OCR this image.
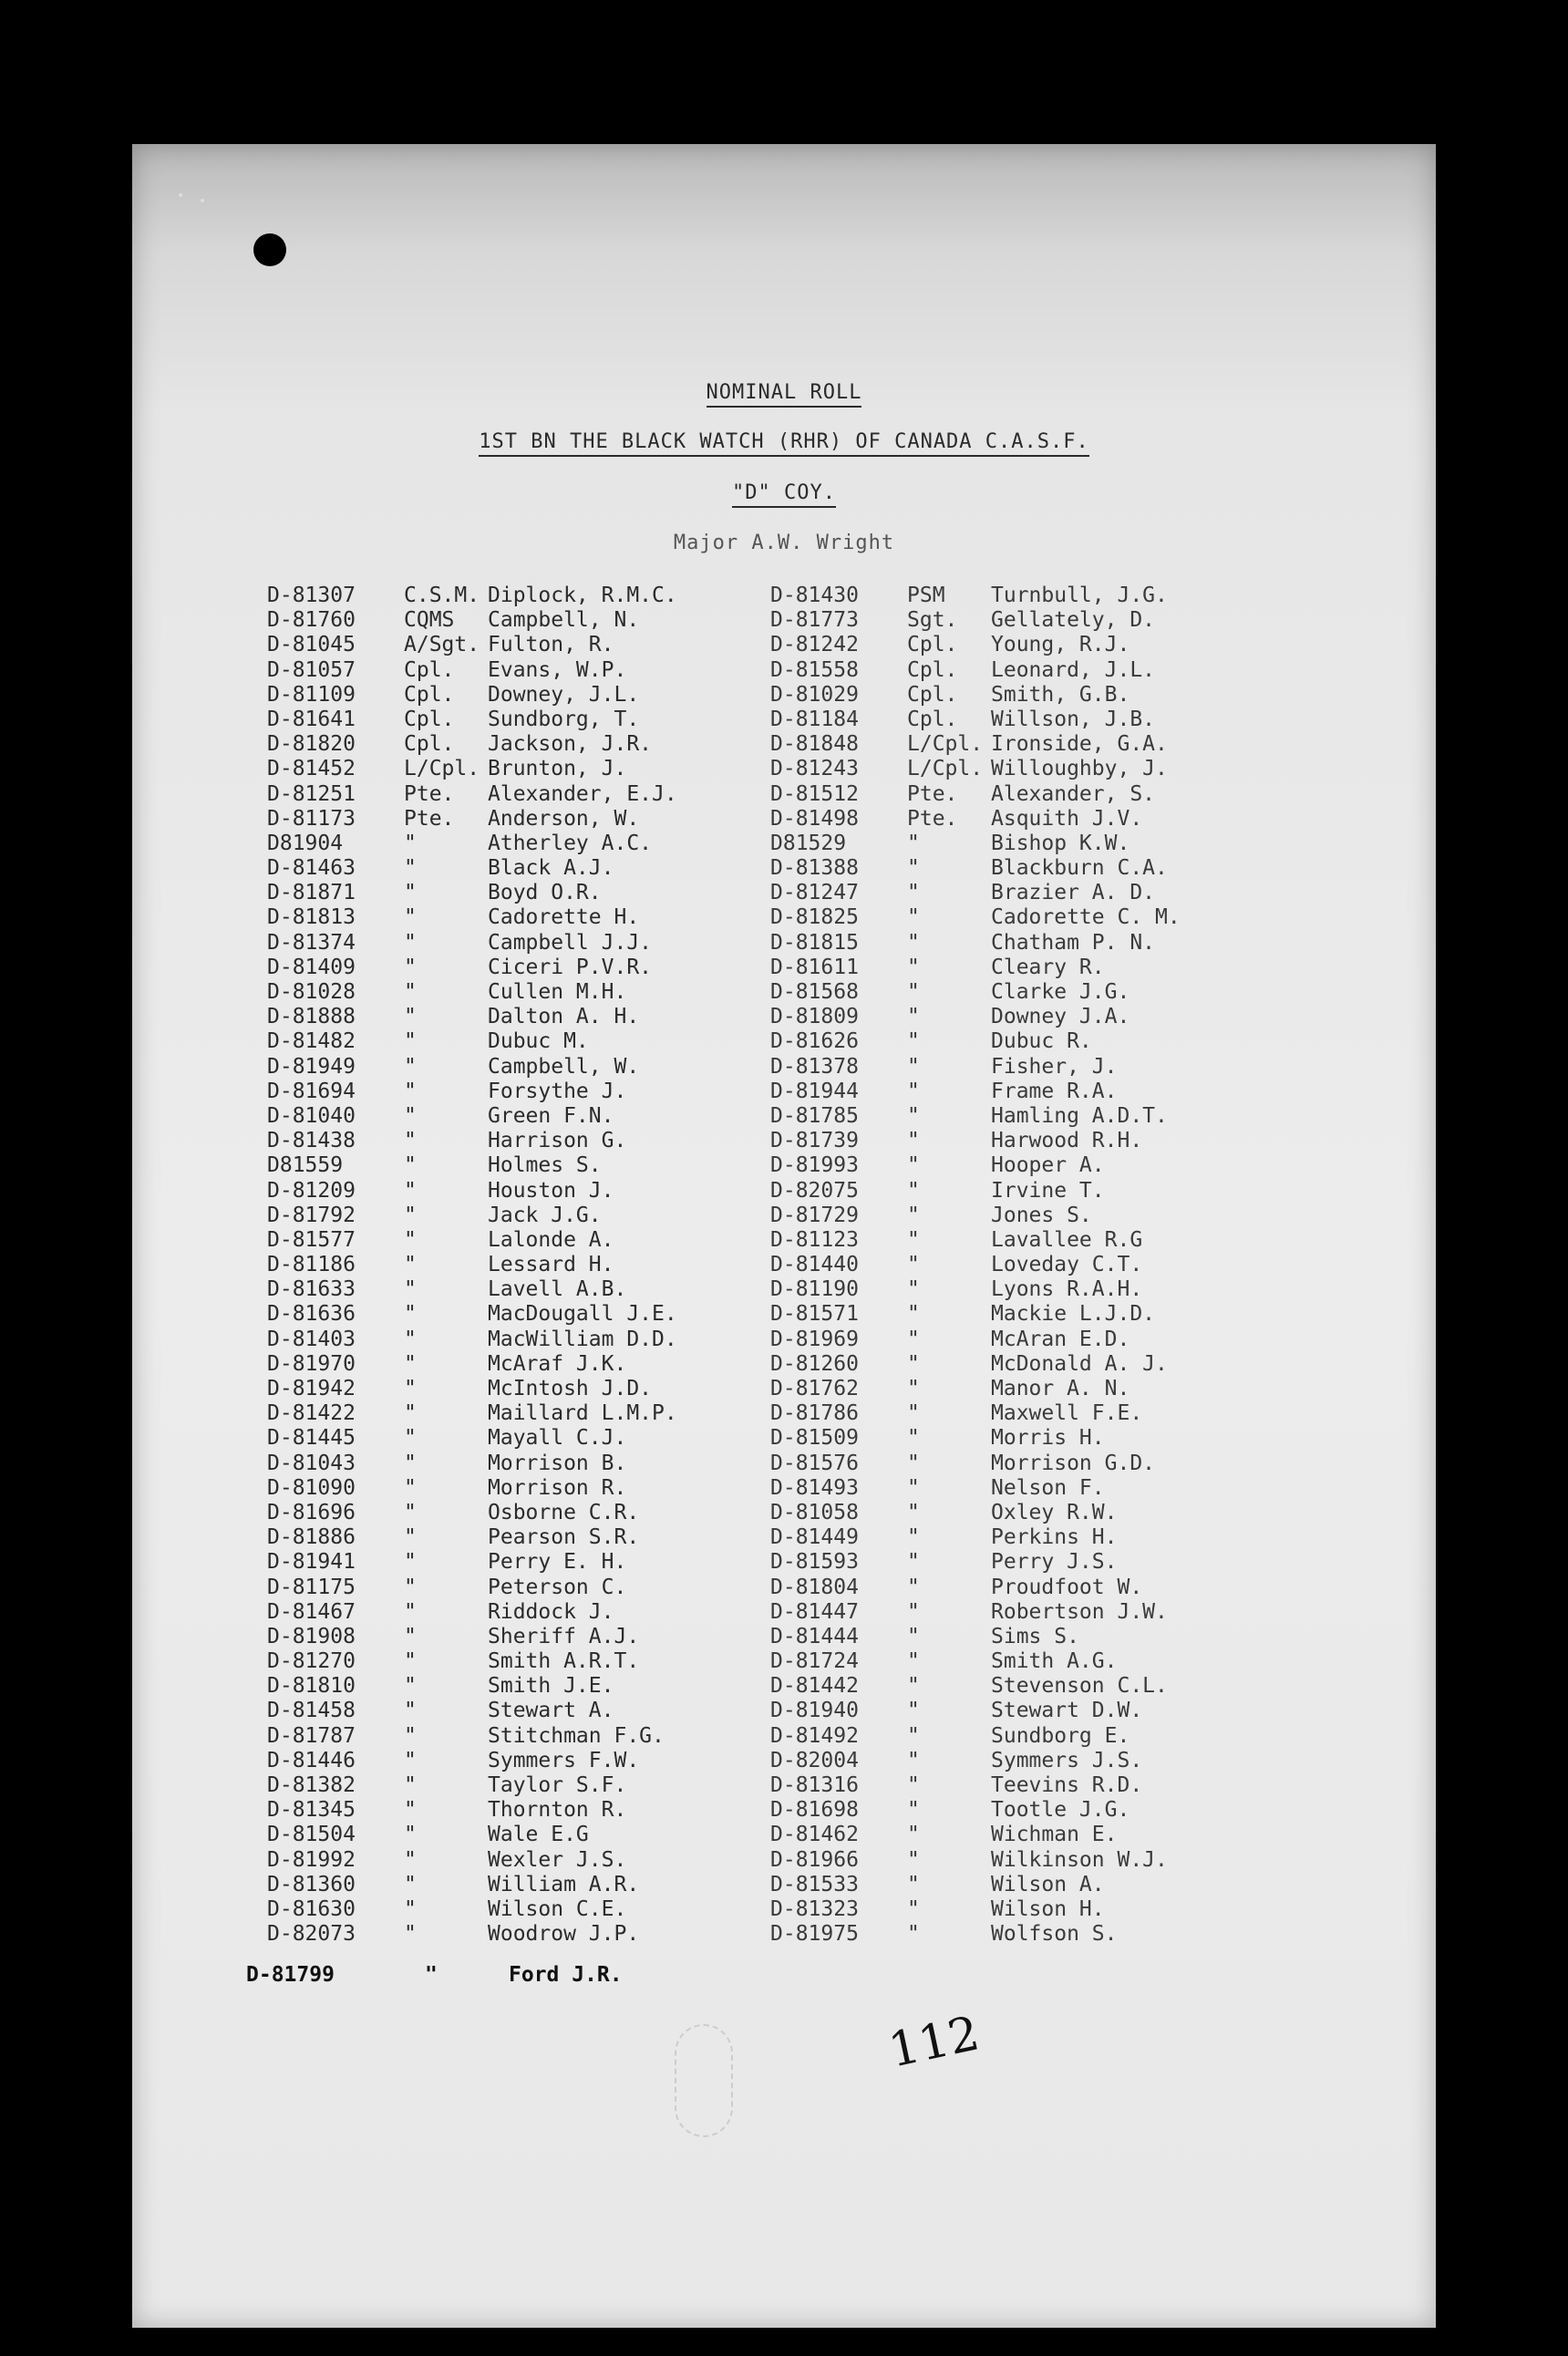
NOMINAL ROLL
1ST BN THE BLACK WATCH (RHR) OF CANADA C.A.S.F.
"D" COY.
Major A.W. Wright
D-81307	C.S.M. Diplock, R.M.C.
D-81760	CQMS	Campbell, N.
D-81045	A/Sgt. Fulton, R.
D-81057	Cpl.	Evans, W.P.
D-81109	Cpl.	Downey, J.L.
D-81641	Cpl.	Sundborg, T.
D-81820	Cpl.	Jackson, J.R.
D-81452	L/Cpl. Brunton, J.
D-81251	Pte.	Alexander, E.J.
D-81173	Pte.	Anderson, W.
D81904	"	Atherley A.C.
D-81463	"	Black A.J.
D-81871	"	Boyd O.R.
D-81813	"	Cadorette H.
D-81374	"	Campbell J.J.
D-81409	"	Ciceri P.V.R.
D-81028	"	Cullen M.H.
D-81888	"	Dalton A. H.
D-81482	"	Dubuc M.
D-81949	"	Campbell, W.
D-81694	"	Forsythe J.
D-81040	"	Green F.N.
D-81438	"	Harrison G.
D81559	"	Holmes S.
D-81209	"	Houston J.
D-81792	"	Jack J.G.
D-81577	"	Lalonde A.
D-81186	"	Lessard H.
D-81633	"	Lavell A.B.
D-81636	"	MacDougall J.E.
D-81403	"	MacWilliam D.D.
D-81970	"	McAraf J.K.
D-81942	"	McIntosh J.D.
D-81422	"	Maillard L.M.P.
D-81445	"	Mayall C.J.
D-81043	"	Morrison B.
D-81090	"	Morrison R.
D-81696	"	Osborne C.R.
D-81886	"	Pearson S.R.
D-81941	"	Perry E. H.
D-81175	"	Peterson C.
D-81467	"	Riddock J.
D-81908	"	Sheriff A.J.
D-81270	"	Smith A.R.T.
D-81810	"	Smith J.E.
D-81458	"	Stewart A.
D-81787	"	Stitchman F.G.
D-81446	"	Symmers F.W.
D-81382	"	Taylor S.F.
D-81345	"	Thornton R.
D-81504	"	Wale E.G
D-81992	"	Wexler J.S.
D-81360	"	William A.R.
D-81630	"	Wilson C.E.
D-82073	"	Woodrow J.P.
D-81430	PSM	Turnbull, J.G.
D-81773	Sgt.	Gellately, D.
D-81242	Cpl.	Young, R.J.
D-81558	Cpl.	Leonard, J.L.
D-81029	Cpl.	Smith, G.B.
D-81184	Cpl.	Willson, J.B.
D-81848	L/Cpl. Ironside, G.A.
D-81243	L/Cpl. Willoughby, J.
D-81512	Pte.	Alexander, S.
D-81498	Pte.	Asquith J.V.
D81529	"	Bishop K.W.
D-81388	"	Blackburn C.A.
D-81247	"	Brazier A. D.
D-81825	"	Cadorette C. M.
D-81815	"	Chatham P. N.
D-81611	"	Cleary R.
D-81568	"	Clarke J.G.
D-81809	"	Downey J.A.
D-81626	"	Dubuc R.
D-81378	"	Fisher, J.
D-81944	"	Frame R.A.
D-81785	"	Hamling A.D.T.
D-81739	"	Harwood R.H.
D-81993	"	Hooper A.
D-82075	"	Irvine T.
D-81729	"	Jones S.
D-81123	"	Lavallee R.G
D-81440	"	Loveday C.T.
D-81190	"	Lyons R.A.H.
D-81571	"	Mackie L.J.D.
D-81969	"	McAran E.D.
D-81260	"	McDonald A. J.
D-81762	"	Manor A. N.
D-81786	"	Maxwell F.E.
D-81509	"	Morris H.
D-81576	"	Morrison G.D.
D-81493	"	Nelson F.
D-81058	"	Oxley R.W.
D-81449	"	Perkins H.
D-81593	"	Perry J.S.
D-81804	"	Proudfoot W.
D-81447	"	Robertson J.W.
D-81444	"	Sims S.
D-81724	"	Smith A.G.
D-81442	"	Stevenson C.L.
D-81940	"	Stewart D.W.
D-81492	"	Sundborg E.
D-82004	"	Symmers J.S.
D-81316	"	Teevins R.D.
D-81698	"	Tootle J.G.
D-81462	"	Wichman E.
D-81966	"	Wilkinson W.J.
D-81533	"	Wilson A.
D-81323	"	Wilson H.
D-81975	"	Wolfson S.
D-81799	"	Ford J.R.
112
